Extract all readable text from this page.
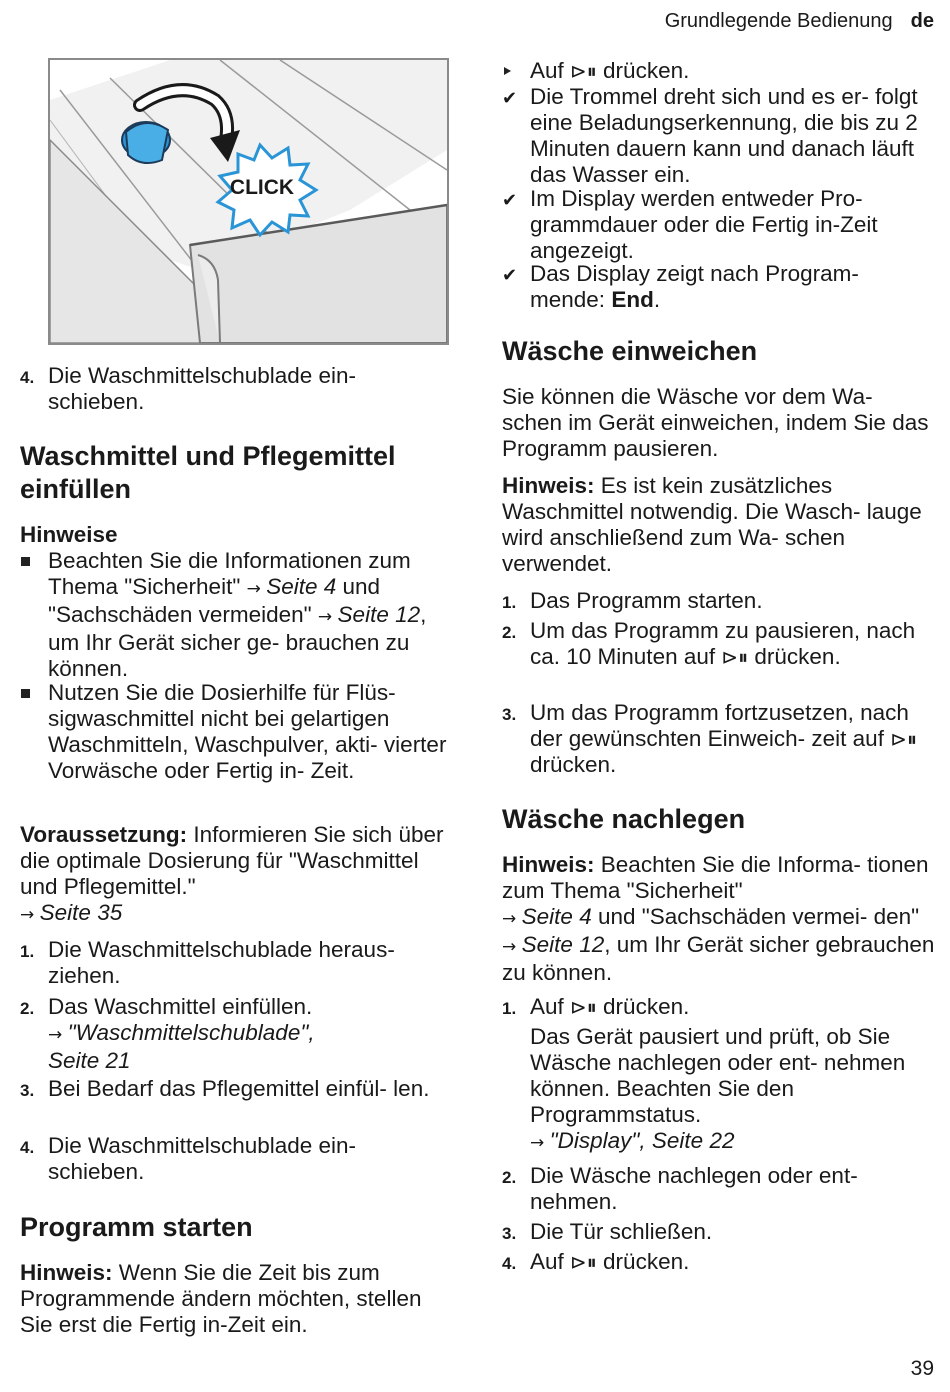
Grundlegende Bedienung de
CLICK
4. Die Waschmittelschublade ein- schieben.
Waschmittel und Pflegemittel einfüllen
Hinweise
Beachten Sie die Informationen zum Thema "Sicherheit" → Seite 4 und "Sachschäden vermeiden" → Seite 12, um Ihr Gerät sicher ge- brauchen zu können.
Nutzen Sie die Dosierhilfe für Flüs- sigwaschmittel nicht bei gelartigen Waschmitteln, Waschpulver, akti- vierter Vorwäsche oder Fertig in- Zeit.

Voraussetzung: Informieren Sie sich über die optimale Dosierung für "Waschmittel und Pflegemittel."
→ Seite 35

1. Die Waschmittelschublade heraus- ziehen.
2. Das Waschmittel einfüllen.
→ "Waschmittelschublade",
Seite 21
3. Bei Bedarf das Pflegemittel einfül- len.
4. Die Waschmittelschublade ein- schieben.
Programm starten

Hinweis: Wenn Sie die Zeit bis zum Programmende ändern möchten, stellen Sie erst die Fertig in-Zeit ein.

Auf ⊳⏸ drücken.
✔ Die Trommel dreht sich und es er- folgt eine Beladungserkennung, die bis zu 2 Minuten dauern kann und danach läuft das Wasser ein.
✔ Im Display werden entweder Pro- grammdauer oder die Fertig in-Zeit angezeigt.
✔ Das Display zeigt nach Program- mende: End.
Wäsche einweichen

Sie können die Wäsche vor dem Wa- schen im Gerät einweichen, indem Sie das Programm pausieren.

Hinweis: Es ist kein zusätzliches Waschmittel notwendig. Die Wasch- lauge wird anschließend zum Wa- schen verwendet.

1. Das Programm starten.
2. Um das Programm zu pausieren, nach ca. 10 Minuten auf ⊳⏸ drücken.
3. Um das Programm fortzusetzen, nach der gewünschten Einweich- zeit auf ⊳⏸ drücken.
Wäsche nachlegen

Hinweis: Beachten Sie die Informa- tionen zum Thema "Sicherheit"
→ Seite 4 und "Sachschäden vermei- den" → Seite 12, um Ihr Gerät sicher gebrauchen zu können.

1. Auf ⊳⏸ drücken.
Das Gerät pausiert und prüft, ob Sie Wäsche nachlegen oder ent- nehmen können. Beachten Sie den Programmstatus.
→ "Display", Seite 22
2. Die Wäsche nachlegen oder ent- nehmen.
3. Die Tür schließen.
4. Auf ⊳⏸ drücken.
39
